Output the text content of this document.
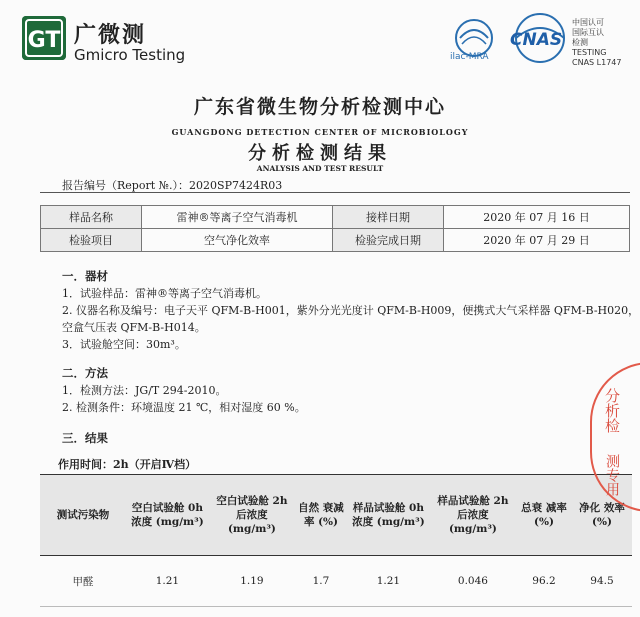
GT 广微测
Gmicro Testing	ilac-MRA
CNAS
中国认可
国际互认
检测
TESTING
CNAS L1747
广东省微生物分析检测中心
GUANGDONG DETECTION CENTER OF MICROBIOLOGY
分析检测结果
ANALYSIS AND TEST RESULT
报告编号（Report №.）：2020SP7424R03
样品名称	雷神®等离子空气消毒机	接样日期	2020 年 07 月 16 日
检验项目	空气净化效率	检验完成日期	2020 年 07 月 29 日
一．器材
1．试验样品：雷神®等离子空气消毒机。
2. 仪器名称及编号：电子天平 QFM-B-H001，紫外分光光度计 QFM-B-H009，便携式大气采样器 QFM-B-H020，
空盒气压表 QFM-B-H014。
3．试验舱空间：30m³。
二．方法
1．检测方法：JG/T 294-2010。
2. 检测条件：环境温度 21 ℃，相对湿度 60 %。
三．结果
作用时间：2h（开启Ⅳ档）
测试污染物	空白试验舱 0h 浓度 (mg/m³)	空白试验舱 2h 后浓度 (mg/m³)	自然 衰减率 (%)	样品试验舱 0h 浓度 (mg/m³)	样品试验舱 2h 后浓度 (mg/m³)	总衰 减率 (%)	净化 效率 (%)
甲醛	1.21	1.19	1.7	1.21	0.046	96.2	94.5
分析检
测专用
